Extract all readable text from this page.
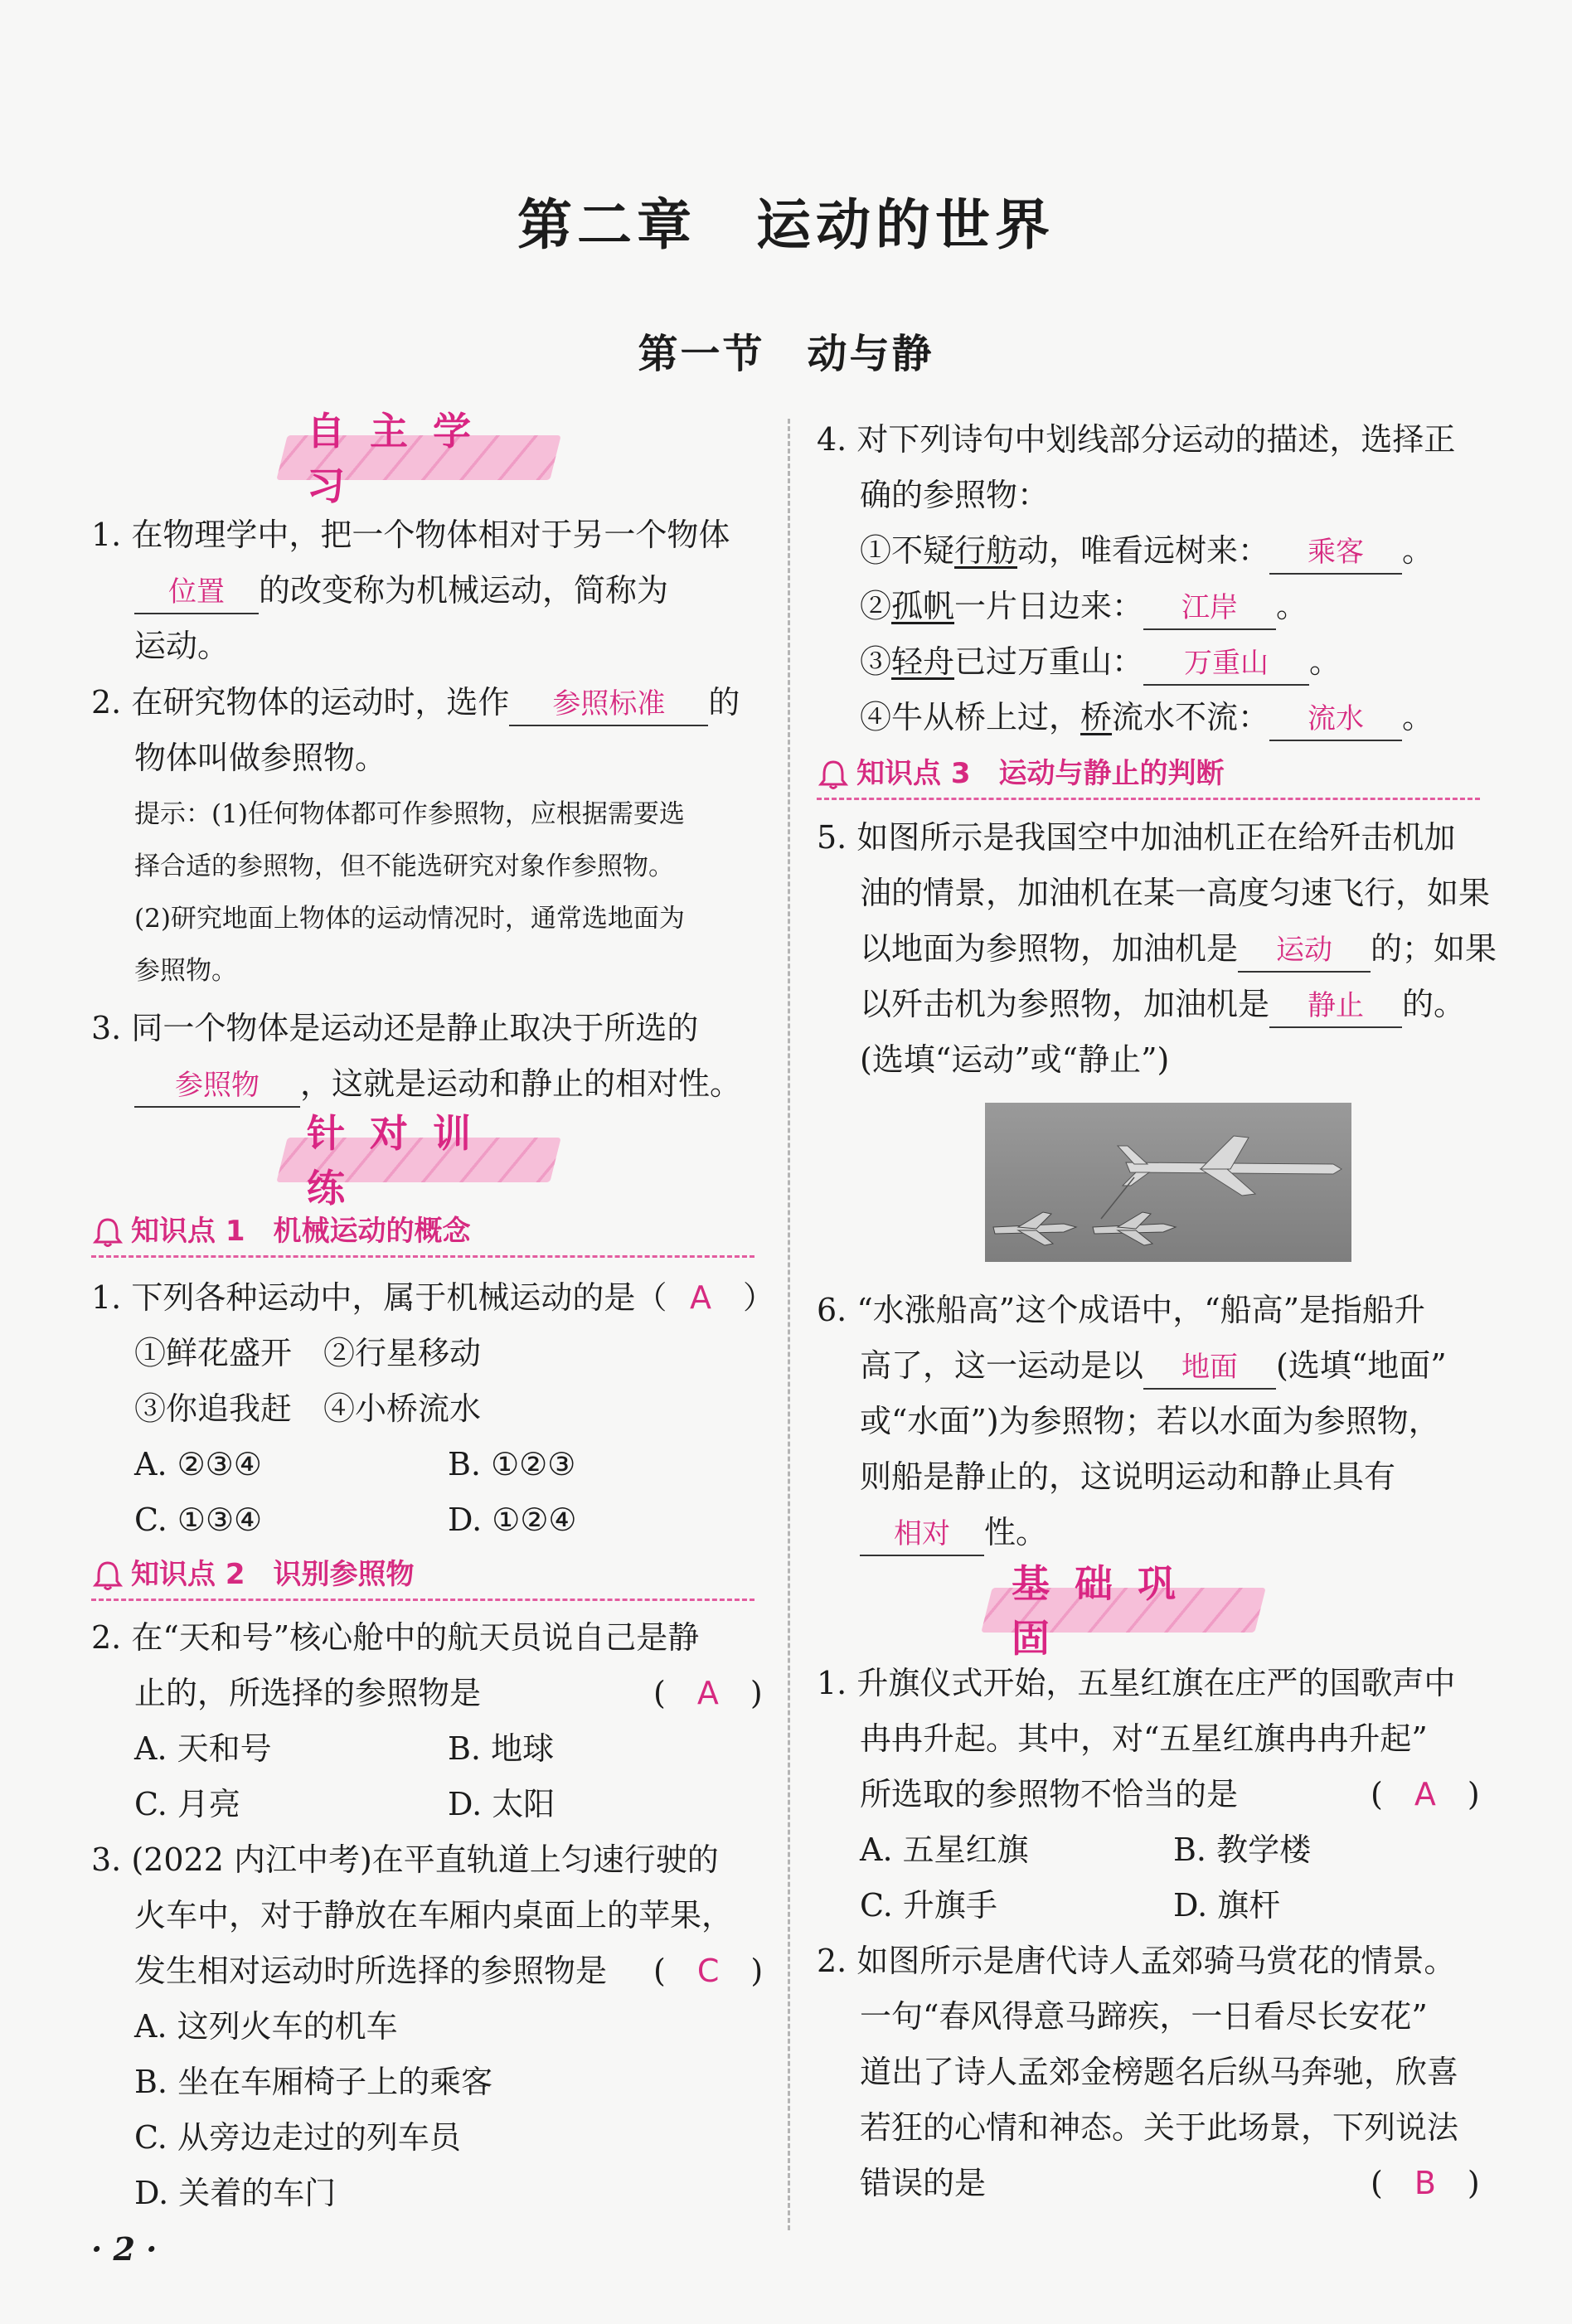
第二章　运动的世界
第一节　动与静
自主学习
1. 在物理学中，把一个物体相对于另一个物体
位置 的改变称为机械运动，简称为
运动。
2. 在研究物体的运动时，选作 参照标准 的
物体叫做参照物。
提示：(1)任何物体都可作参照物，应根据需要选
择合适的参照物，但不能选研究对象作参照物。
(2)研究地面上物体的运动情况时，通常选地面为
参照物。
3. 同一个物体是运动还是静止取决于所选的
参照物 ，这就是运动和静止的相对性。
针对训练
知识点 1 机械运动的概念
1. 下列各种运动中，属于机械运动的是（ A　 ）
①鲜花盛开　②行星移动
③你追我赶　④小桥流水
A. ②③④	B. ①②③
C. ①③④	D. ①②④
知识点 2 识别参照物
2. 在“天和号”核心舱中的航天员说自己是静
止的，所选择的参照物是	(　A　)
A. 天和号	B. 地球
C. 月亮	D. 太阳
3. (2022 内江中考)在平直轨道上匀速行驶的
火车中，对于静放在车厢内桌面上的苹果，
发生相对运动时所选择的参照物是 (　C　)
A. 这列火车的机车
B. 坐在车厢椅子上的乘客
C. 从旁边走过的列车员
D. 关着的车门
4. 对下列诗句中划线部分运动的描述，选择正
确的参照物：
①不疑行舫动，唯看远树来： 乘客 。
②孤帆一片日边来： 江岸 。
③轻舟已过万重山： 万重山 。
④牛从桥上过，桥流水不流： 流水 。
知识点 3 运动与静止的判断
5. 如图所示是我国空中加油机正在给歼击机加
油的情景，加油机在某一高度匀速飞行，如果
以地面为参照物，加油机是 运动 的；如果
以歼击机为参照物，加油机是 静止 的。
(选填“运动”或“静止”)
6. “水涨船高”这个成语中，“船高”是指船升
高了，这一运动是以 地面 (选填“地面”
或“水面”)为参照物；若以水面为参照物，
则船是静止的，这说明运动和静止具有
相对 性。
基础巩固
1. 升旗仪式开始，五星红旗在庄严的国歌声中
冉冉升起。其中，对“五星红旗冉冉升起”
所选取的参照物不恰当的是	(　A　)
A. 五星红旗	B. 教学楼
C. 升旗手	D. 旗杆
2. 如图所示是唐代诗人孟郊骑马赏花的情景。
一句“春风得意马蹄疾，一日看尽长安花”
道出了诗人孟郊金榜题名后纵马奔驰，欣喜
若狂的心情和神态。关于此场景，下列说法
错误的是	(　B　)
· 2 ·
